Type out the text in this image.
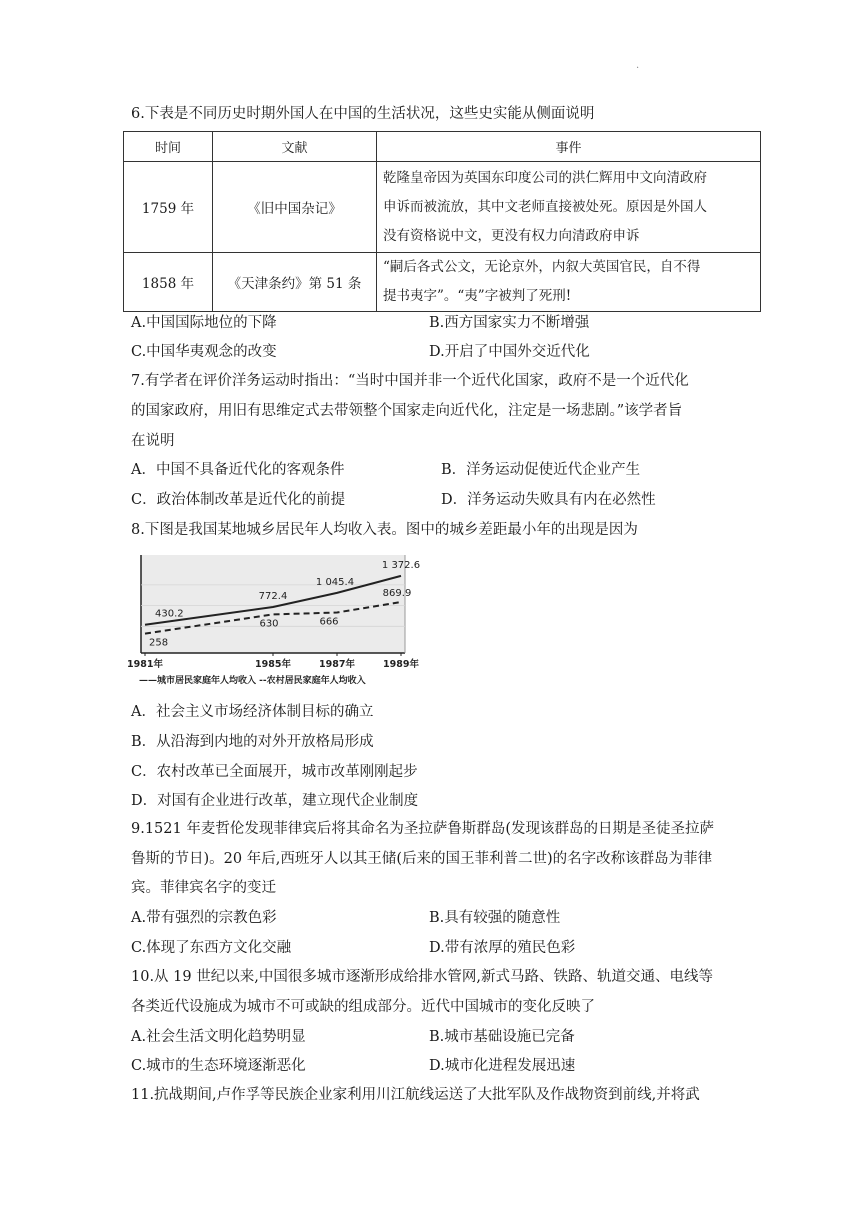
.
6.下表是不同历史时期外国人在中国的生活状况，这些史实能从侧面说明
时间	文献	事件
1759 年	《旧中国杂记》	乾隆皇帝因为英国东印度公司的洪仁辉用中文向清政府
申诉而被流放，其中文老师直接被处死。原因是外国人
没有资格说中文，更没有权力向清政府申诉

1858 年	《天津条约》第 51 条	“嗣后各式公文，无论京外，内叙大英国官民，自不得
提书夷字”。“夷”字被判了死刑!
A.中国国际地位的下降	B.西方国家实力不断增强
C.中国华夷观念的改变	D.开启了中国外交近代化
7.有学者在评价洋务运动时指出：“当时中国并非一个近代化国家，政府不是一个近代化
的国家政府，用旧有思维定式去带领整个国家走向近代化，注定是一场悲剧。”该学者旨
在说明
A．中国不具备近代化的客观条件	B．洋务运动促使近代企业产生
C．政治体制改革是近代化的前提	D．洋务运动失败具有内在必然性
8.下图是我国某地城乡居民年人均收入表。图中的城乡差距最小年的出现是因为
1981年	1985年	1987年	1989年
430.2
772.4
1 045.4
1 372.6
258
630	666
869.9
——城市居民家庭年人均收入 --农村居民家庭年人均收入
A．社会主义市场经济体制目标的确立
B．从沿海到内地的对外开放格局形成
C．农村改革已全面展开，城市改革刚刚起步
D．对国有企业进行改革，建立现代企业制度
9.1521 年麦哲伦发现菲律宾后将其命名为圣拉萨鲁斯群岛(发现该群岛的日期是圣徒圣拉萨
鲁斯的节日)。20 年后,西班牙人以其王储(后来的国王菲利普二世)的名字改称该群岛为菲律
宾。菲律宾名字的变迁
A.带有强烈的宗教色彩	B.具有较强的随意性
C.体现了东西方文化交融	D.带有浓厚的殖民色彩
10.从 19 世纪以来,中国很多城市逐渐形成给排水管网,新式马路、铁路、轨道交通、电线等
各类近代设施成为城市不可或缺的组成部分。近代中国城市的变化反映了
A.社会生活文明化趋势明显	B.城市基础设施已完备
C.城市的生态环境逐渐恶化	D.城市化进程发展迅速
11.抗战期间,卢作孚等民族企业家利用川江航线运送了大批军队及作战物资到前线,并将武
